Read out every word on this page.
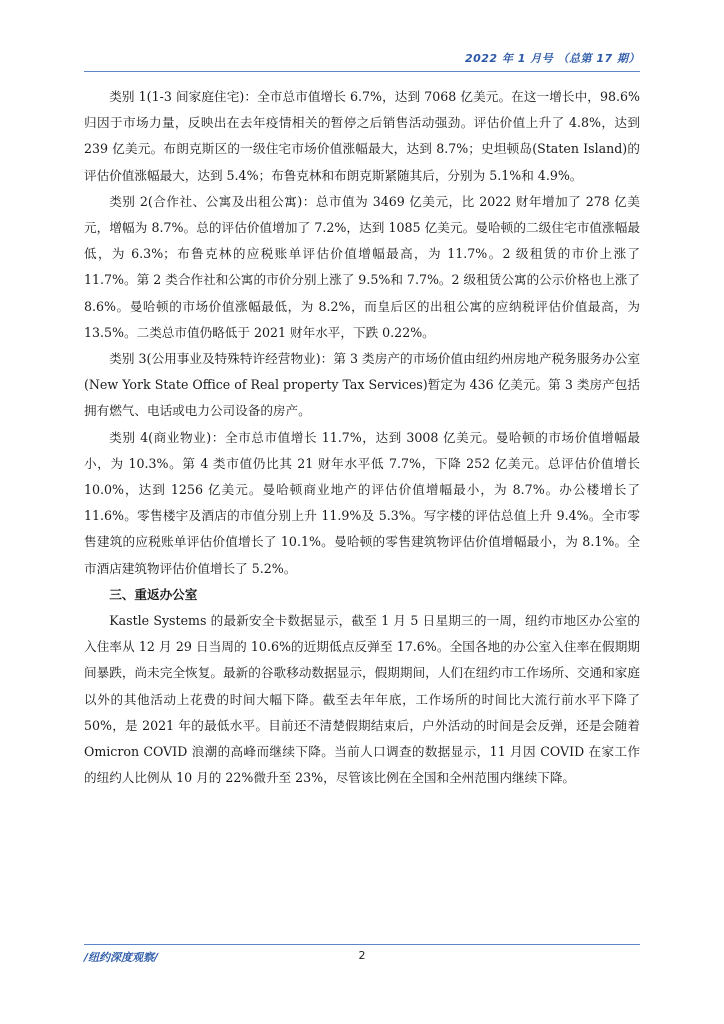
2022 年 1 月号 （总第 17 期）

类别 1(1-3 间家庭住宅)：全市总市值增长 6.7%，达到 7068 亿美元。在这一增长中，98.6%归因于市场力量，反映出在去年疫情相关的暂停之后销售活动强劲。评估价值上升了 4.8%，达到 239 亿美元。布朗克斯区的一级住宅市场价值涨幅最大，达到 8.7%；史坦顿岛(Staten Island)的评估价值涨幅最大，达到 5.4%；布鲁克林和布朗克斯紧随其后，分别为 5.1%和 4.9%。

类别 2(合作社、公寓及出租公寓)：总市值为 3469 亿美元，比 2022 财年增加了 278 亿美元，增幅为 8.7%。总的评估价值增加了 7.2%，达到 1085 亿美元。曼哈顿的二级住宅市值涨幅最低，为 6.3%；布鲁克林的应税账单评估价值增幅最高，为 11.7%。2 级租赁的市价上涨了 11.7%。第 2 类合作社和公寓的市价分别上涨了 9.5%和 7.7%。2 级租赁公寓的公示价格也上涨了 8.6%。曼哈顿的市场价值涨幅最低，为 8.2%，而皇后区的出租公寓的应纳税评估价值最高，为 13.5%。二类总市值仍略低于 2021 财年水平，下跌 0.22%。

类别 3(公用事业及特殊特许经营物业)：第 3 类房产的市场价值由纽约州房地产税务服务办公室(New York State Office of Real property Tax Services)暂定为 436 亿美元。第 3 类房产包括拥有燃气、电话或电力公司设备的房产。

类别 4(商业物业)：全市总市值增长 11.7%，达到 3008 亿美元。曼哈顿的市场价值增幅最小，为 10.3%。第 4 类市值仍比其 21 财年水平低 7.7%，下降 252 亿美元。总评估价值增长 10.0%，达到 1256 亿美元。曼哈顿商业地产的评估价值增幅最小，为 8.7%。办公楼增长了 11.6%。零售楼宇及酒店的市值分别上升 11.9%及 5.3%。写字楼的评估总值上升 9.4%。全市零售建筑的应税账单评估价值增长了 10.1%。曼哈顿的零售建筑物评估价值增幅最小，为 8.1%。全市酒店建筑物评估价值增长了 5.2%。

三、重返办公室

Kastle Systems 的最新安全卡数据显示，截至 1 月 5 日星期三的一周，纽约市地区办公室的入住率从 12 月 29 日当周的 10.6%的近期低点反弹至 17.6%。全国各地的办公室入住率在假期期间暴跌，尚未完全恢复。最新的谷歌移动数据显示，假期期间，人们在纽约市工作场所、交通和家庭以外的其他活动上花费的时间大幅下降。截至去年年底，工作场所的时间比大流行前水平下降了 50%，是 2021 年的最低水平。目前还不清楚假期结束后，户外活动的时间是会反弹，还是会随着 Omicron COVID 浪潮的高峰而继续下降。当前人口调查的数据显示，11 月因 COVID 在家工作的纽约人比例从 10 月的 22%微升至 23%，尽管该比例在全国和全州范围内继续下降。

/纽约深度观察/	2
